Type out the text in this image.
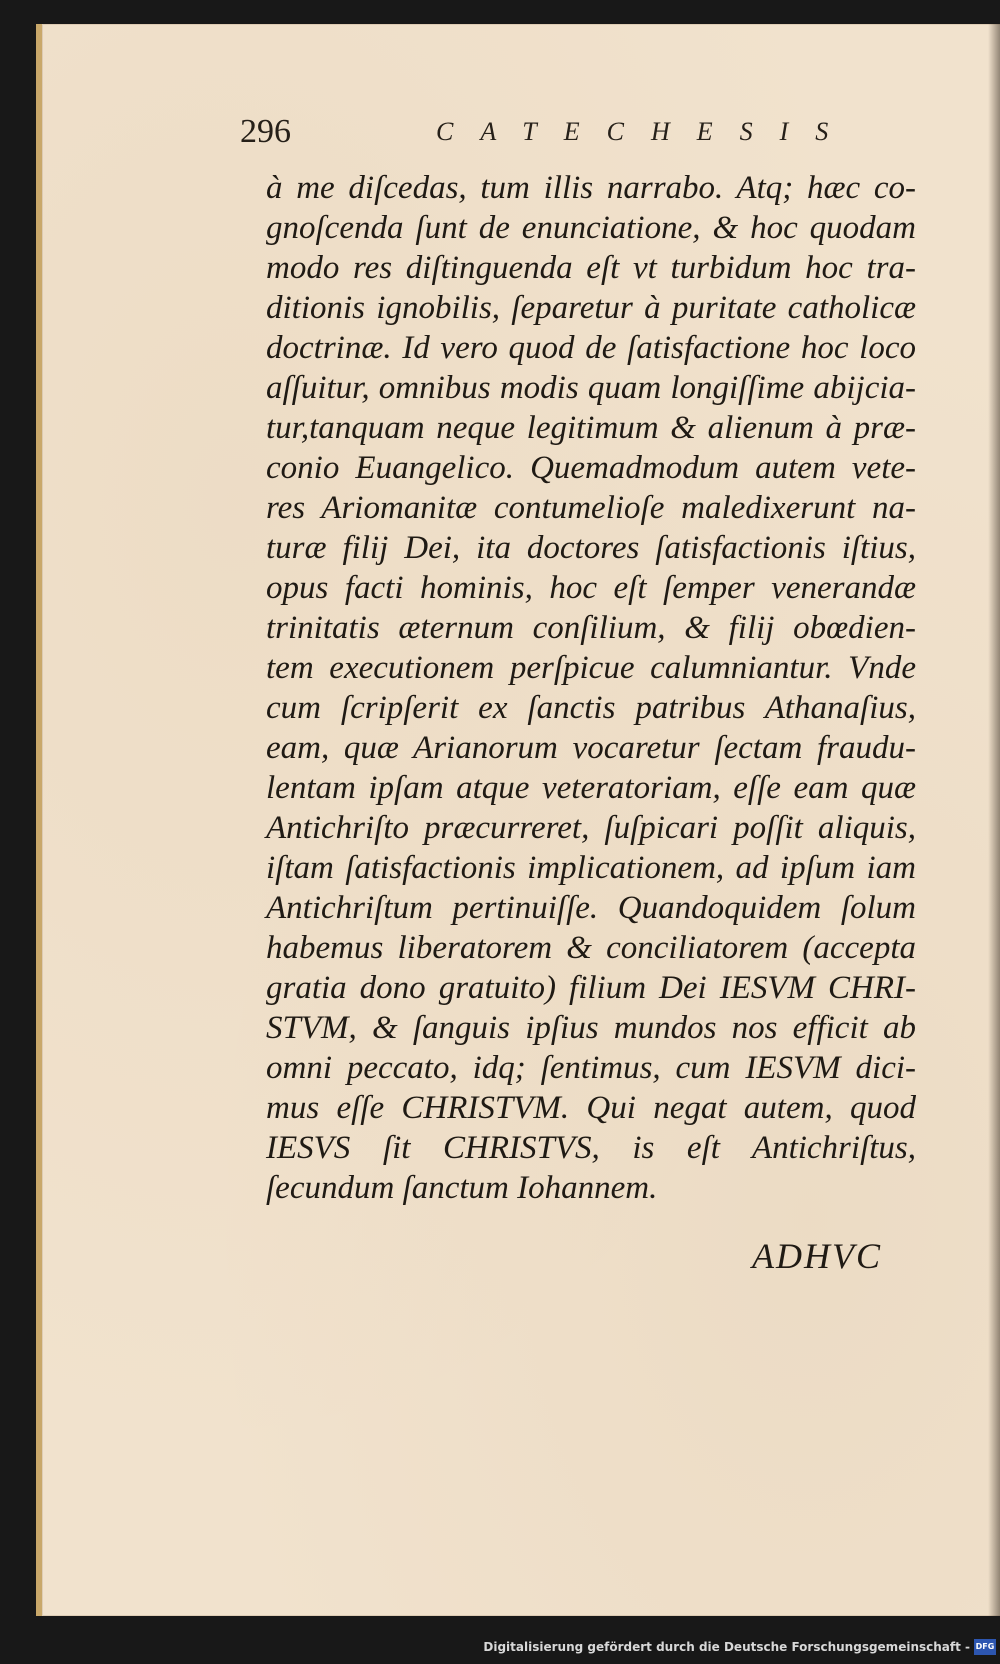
296	CATECHESIS
à me diſcedas, tum illis narrabo. Atq; hæc co-
gnoſcenda ſunt de enunciatione, & hoc quodam
modo res diſtinguenda eſt vt turbidum hoc tra-
ditionis ignobilis, ſeparetur à puritate catholicæ
doctrinæ. Id vero quod de ſatisfactione hoc loco
aſſuitur, omnibus modis quam longiſſime abijcia-
tur,tanquam neque legitimum & alienum à præ-
conio Euangelico. Quemadmodum autem vete-
res Ariomanitæ contumelioſe maledixerunt na-
turæ filij Dei, ita doctores ſatisfactionis iſtius,
opus facti hominis, hoc eſt ſemper venerandæ
trinitatis æternum conſilium, & filij obœdien-
tem executionem perſpicue calumniantur. Vnde
cum ſcripſerit ex ſanctis patribus Athanaſius,
eam, quæ Arianorum vocaretur ſectam fraudu-
lentam ipſam atque veteratoriam, eſſe eam quæ
Antichriſto præcurreret, ſuſpicari poſſit aliquis,
iſtam ſatisfactionis implicationem, ad ipſum iam
Antichriſtum pertinuiſſe. Quandoquidem ſolum
habemus liberatorem & conciliatorem (accepta
gratia dono gratuito) filium Dei IESVM CHRI-
STVM, & ſanguis ipſius mundos nos efficit ab
omni peccato, idq; ſentimus, cum IESVM dici-
mus eſſe CHRISTVM. Qui negat autem, quod
IESVS ſit CHRISTVS, is eſt Antichriſtus,
ſecundum ſanctum Iohannem.
ADHVC
Digitalisierung gefördert durch die Deutsche Forschungsgemeinschaft - DFG
